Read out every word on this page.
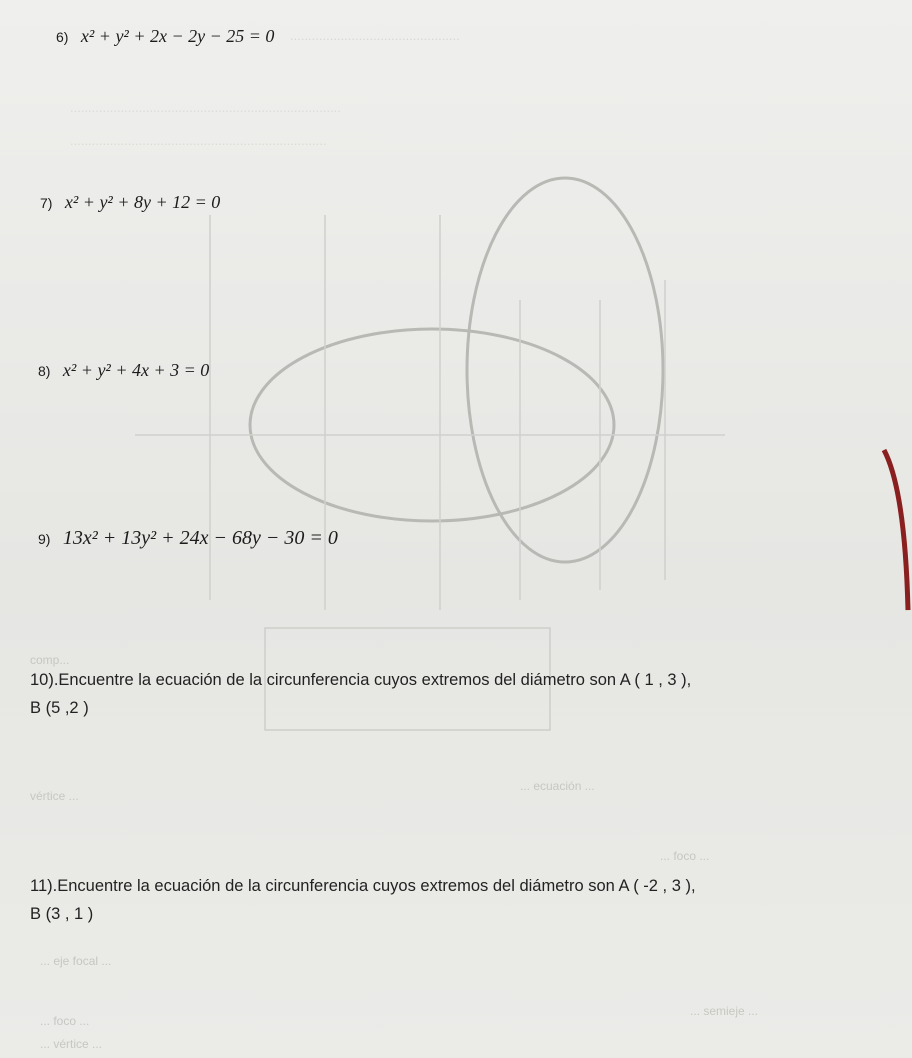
comp...
vértice ...
... ecuación ...
... foco ...
... eje focal ...
... foco ...
... vértice ...
... semieje ...
...............................................
...........................................................................
.......................................................................
6) x² + y² + 2x − 2y − 25 = 0
7) x² + y² + 8y + 12 = 0
8) x² + y² + 4x + 3 = 0
9) 13x² + 13y² + 24x − 68y − 30 = 0
10).Encuentre la ecuación de la circunferencia cuyos extremos del diámetro son A ( 1 , 3 ),
B (5 ,2 )
11).Encuentre la ecuación de la circunferencia cuyos extremos del diámetro son A ( -2 , 3 ),
B (3 , 1 )
